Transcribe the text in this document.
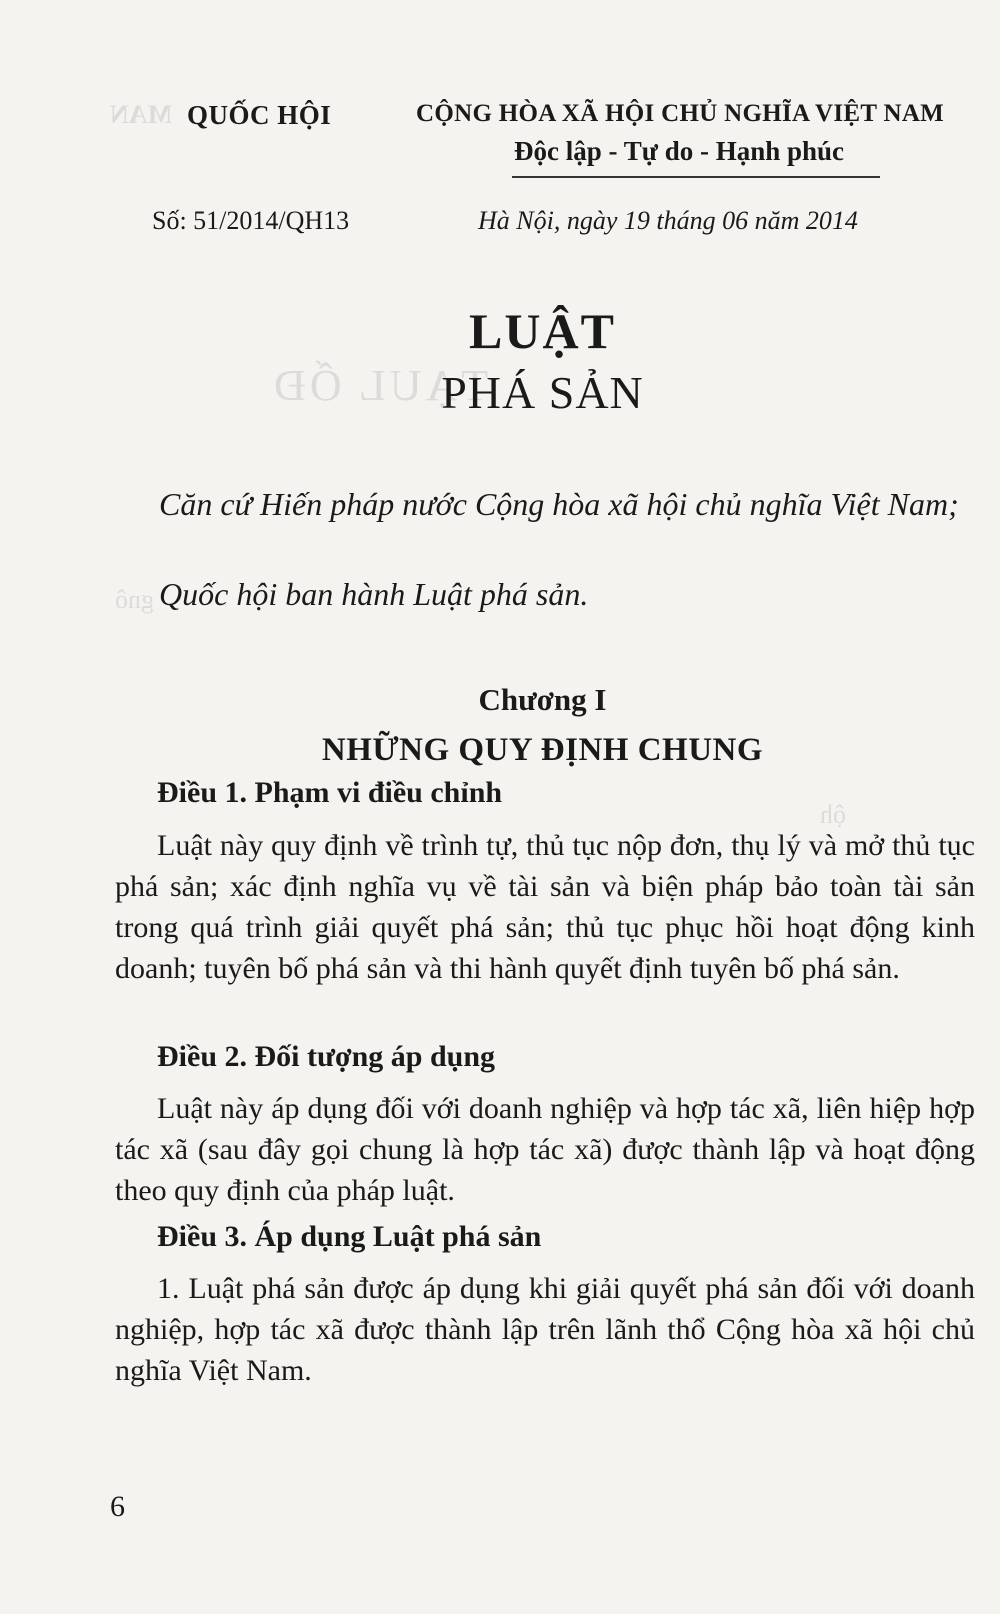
MAN
TẠUL ỐĐ
gnô
ộh
QUỐC HỘI	CỘNG HÒA XÃ HỘI CHỦ NGHĨA VIỆT NAM
Độc lập - Tự do - Hạnh phúc
Số: 51/2014/QH13	Hà Nội, ngày 19 tháng 06 năm 2014
LUẬT
PHÁ SẢN
Căn cứ Hiến pháp nước Cộng hòa xã hội chủ nghĩa Việt Nam;
Quốc hội ban hành Luật phá sản.
Chương I
NHỮNG QUY ĐỊNH CHUNG
Điều 1. Phạm vi điều chỉnh
Luật này quy định về trình tự, thủ tục nộp đơn, thụ lý và mở thủ tục phá sản; xác định nghĩa vụ về tài sản và biện pháp bảo toàn tài sản trong quá trình giải quyết phá sản; thủ tục phục hồi hoạt động kinh doanh; tuyên bố phá sản và thi hành quyết định tuyên bố phá sản.
Điều 2. Đối tượng áp dụng
Luật này áp dụng đối với doanh nghiệp và hợp tác xã, liên hiệp hợp tác xã (sau đây gọi chung là hợp tác xã) được thành lập và hoạt động theo quy định của pháp luật.
Điều 3. Áp dụng Luật phá sản
1. Luật phá sản được áp dụng khi giải quyết phá sản đối với doanh nghiệp, hợp tác xã được thành lập trên lãnh thổ Cộng hòa xã hội chủ nghĩa Việt Nam.
6
